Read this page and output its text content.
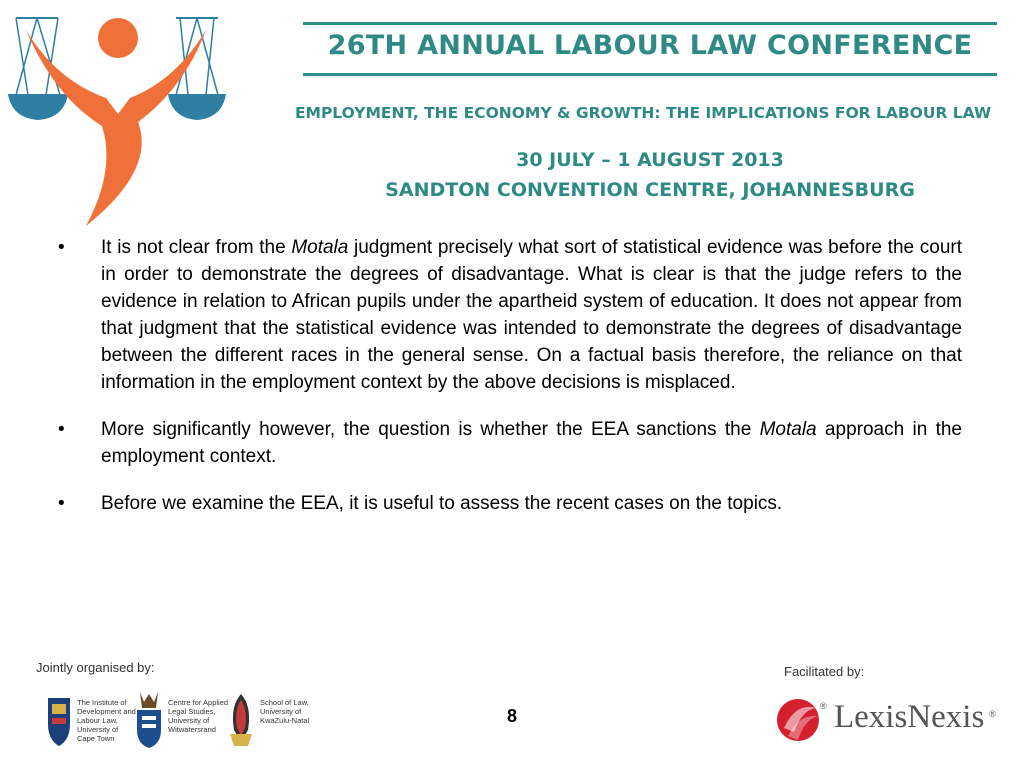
26TH ANNUAL LABOUR LAW CONFERENCE
EMPLOYMENT, THE ECONOMY & GROWTH: THE IMPLICATIONS FOR LABOUR LAW
30 JULY – 1 AUGUST 2013
SANDTON CONVENTION CENTRE, JOHANNESBURG
• It is not clear from the Motala judgment precisely what sort of statistical evidence was before the court in order to demonstrate the degrees of disadvantage. What is clear is that the judge refers to the evidence in relation to African pupils under the apartheid system of education. It does not appear from that judgment that the statistical evidence was intended to demonstrate the degrees of disadvantage between the different races in the general sense. On a factual basis therefore, the reliance on that information in the employment context by the above decisions is misplaced.
• More significantly however, the question is whether the EEA sanctions the Motala approach in the employment context.
• Before we examine the EEA, it is useful to assess the recent cases on the topics.
Jointly organised by:
The Institute of
Development and
Labour Law,
University of
Cape Town
Centre for Applied
Legal Studies,
University of
Witwatersrand
School of Law,
University of
KwaZulu-Natal	8
Facilitated by:
® LexisNexis ®
